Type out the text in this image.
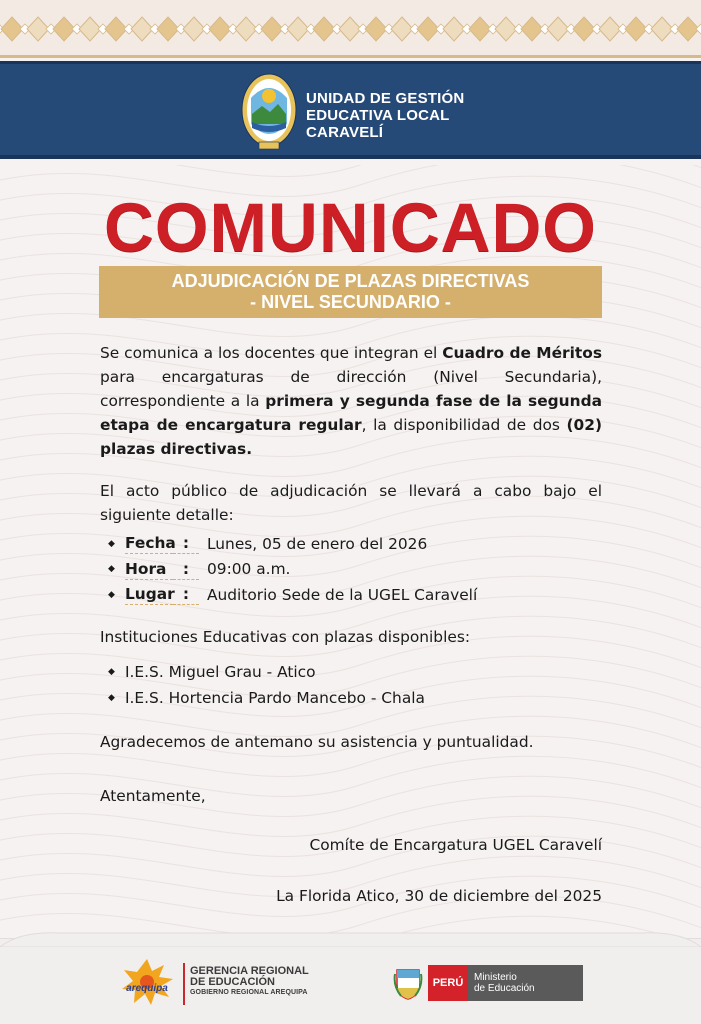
UNIDAD DE GESTIÓN
EDUCATIVA LOCAL
CARAVELÍ
COMUNICADO
ADJUDICACIÓN DE PLAZAS DIRECTIVAS
- NIVEL SECUNDARIO -

Se comunica a los docentes que integran el Cuadro de Méritos para encargaturas de dirección (Nivel Secundaria), correspondiente a la primera y segunda fase de la segunda etapa de encargatura regular, la disponibilidad de dos (02) plazas directivas.

El acto público de adjudicación se llevará a cabo bajo el siguiente detalle:

◆ Fecha :	Lunes, 05 de enero del 2026
◆ Hora	:	09:00 a.m.
◆ Lugar :	Auditorio Sede de la UGEL Caravelí

Instituciones Educativas con plazas disponibles:

◆ I.E.S. Miguel Grau - Atico
◆ I.E.S. Hortencia Pardo Mancebo - Chala

Agradecemos de antemano su asistencia y puntualidad.

Atentamente,

Comíte de Encargatura UGEL Caravelí

La Florida Atico, 30 de diciembre del 2025

arequipa
GERENCIA REGIONAL
DE EDUCACIÓN
GOBIERNO REGIONAL AREQUIPA
PERÚ	Ministerio
de Educación
